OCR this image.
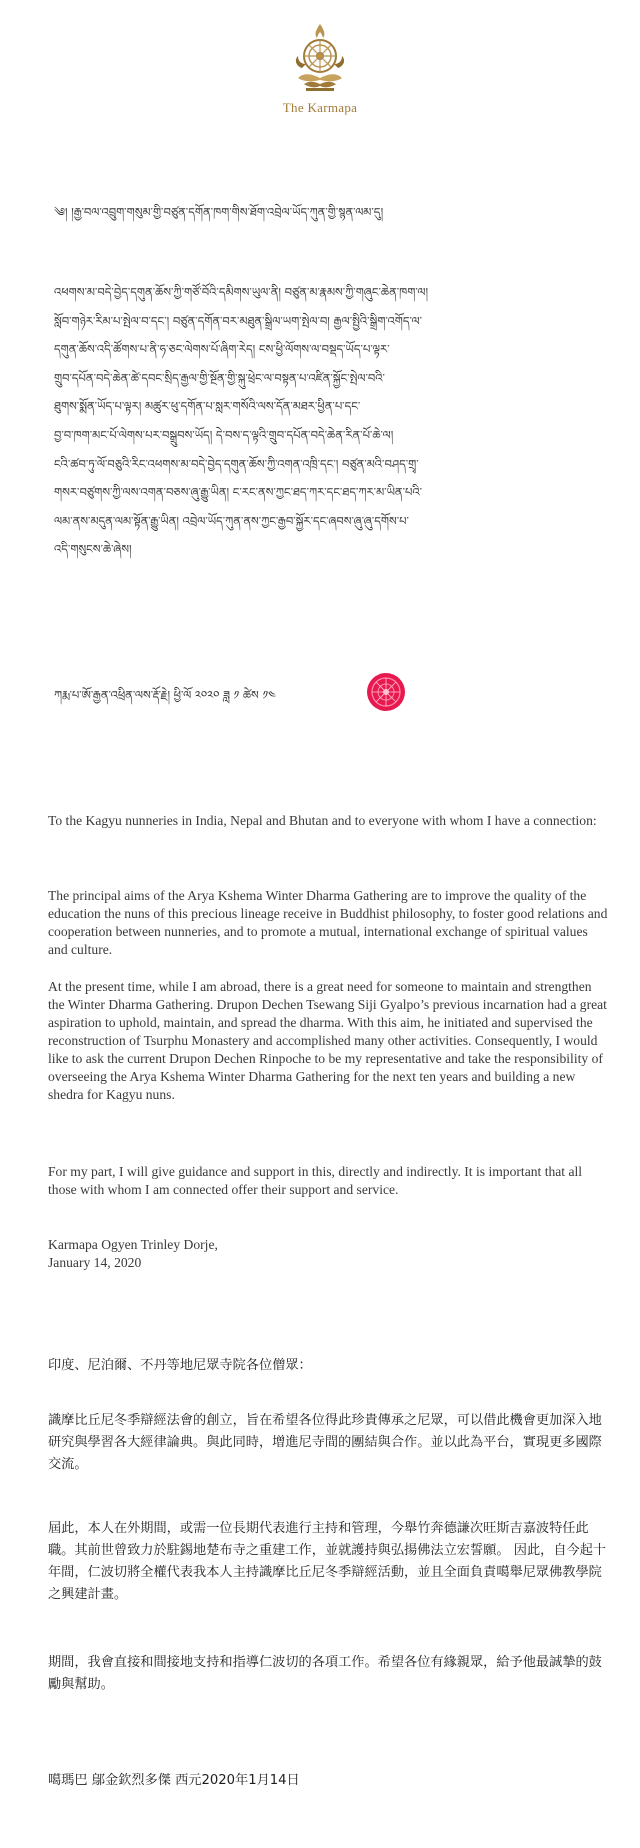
The Karmapa
༄། །རྒྱ་བལ་འབྲུག་གསུམ་གྱི་བཙུན་དགོན་ཁག་གིས་ཐོག་འབྲེལ་ཡོད་ཀུན་གྱི་སྙན་ལམ་དུ།
འཕགས་མ་བདེ་བྱེད་དགུན་ཆོས་ཀྱི་གཙོ་བོའི་དམིགས་ཡུལ་ནི། བཙུན་མ་རྣམས་ཀྱི་གཞུང་ཆེན་ཁག་ལ།
སློབ་གཉེར་རིམ་པ་སྤེལ་བ་དང་། བཙུན་དགོན་བར་མཐུན་སྒྲིལ་ཡག་སྤེལ་བ། རྒྱལ་སྤྱིའི་སྒྲིག་འགོད་ལ་
དགུན་ཆོས་འདི་ཚོགས་པ་ནི་ཧ་ཅང་ལེགས་པོ་ཞིག་རེད། ངས་ཕྱི་ལོགས་ལ་བསྡད་ཡོད་པ་ལྟར་
གྲུབ་དཔོན་བདེ་ཆེན་ཚེ་དབང་སྲིད་རྒྱལ་གྱི་སྔོན་གྱི་སྐུ་ཕྲེང་ལ་བསྟན་པ་འཛིན་སྐྱོང་སྤེལ་བའི་
ཐུགས་སྨོན་ཡོད་པ་ལྟར། མཚུར་ཕུ་དགོན་པ་སླར་གསོའི་ལས་དོན་མཐར་ཕྱིན་པ་དང་
བྱ་བ་ཁག་མང་པོ་ལེགས་པར་བསྒྲུབས་ཡོད། དེ་བས་ད་ལྟའི་གྲུབ་དཔོན་བདེ་ཆེན་རིན་པོ་ཆེ་ལ།
ངའི་ཚབ་ཏུ་ལོ་བཅུའི་རིང་འཕགས་མ་བདེ་བྱེད་དགུན་ཆོས་ཀྱི་འགན་འཁྲི་དང་། བཙུན་མའི་བཤད་གྲྭ་
གསར་བཙུགས་ཀྱི་ལས་འགན་བཅས་ཞུ་རྒྱུ་ཡིན། ང་རང་ནས་ཀྱང་ཐད་ཀར་དང་ཐད་ཀར་མ་ཡིན་པའི་
ལམ་ནས་མདུན་ལམ་སྟོན་རྒྱུ་ཡིན། འབྲེལ་ཡོད་ཀུན་ནས་ཀྱང་རྒྱབ་སྐྱོར་དང་ཞབས་ཞུ་ཞུ་དགོས་པ་
འདི་གསུངས་ཆེ་ཞེས།
ཀརྨ་པ་ཨོ་རྒྱན་འཕྲིན་ལས་རྡོ་རྗེ། ཕྱི་ལོ ༢༠༢༠ ཟླ ༡ ཚེས ༡༤

To the Kagyu nunneries in India, Nepal and Bhutan and to everyone with whom I have a connection:

The principal aims of the Arya Kshema Winter Dharma Gathering are to improve the quality of the education the nuns of this precious lineage receive in Buddhist philosophy, to foster good relations and cooperation between nunneries, and to promote a mutual, international exchange of spiritual values and culture.

At the present time, while I am abroad, there is a great need for someone to maintain and strengthen the Winter Dharma Gathering. Drupon Dechen Tsewang Siji Gyalpo’s previous incarnation had a great aspiration to uphold, maintain, and spread the dharma. With this aim, he initiated and supervised the reconstruction of Tsurphu Monastery and accomplished many other activities. Consequently, I would like to ask the current Drupon Dechen Rinpoche to be my representative and take the responsibility of overseeing the Arya Kshema Winter Dharma Gathering for the next ten years and building a new shedra for Kagyu nuns.

For my part, I will give guidance and support in this, directly and indirectly. It is important that all those with whom I am connected offer their support and service.

Karmapa Ogyen Trinley Dorje,

January 14, 2020

印度、尼泊爾、不丹等地尼眾寺院各位僧眾：

識摩比丘尼冬季辯經法會的創立，旨在希望各位得此珍貴傳承之尼眾，可以借此機會更加深入地研究與學習各大經律論典。與此同時，增進尼寺間的團結與合作。並以此為平台，實現更多國際交流。

屆此，本人在外期間，或需一位長期代表進行主持和管理，今舉竹奔德謙次旺斯吉嘉波特任此職。其前世曾致力於駐錫地楚布寺之重建工作，並就護持與弘揚佛法立宏誓願。 因此，自今起十年間，仁波切將全權代表我本人主持識摩比丘尼冬季辯經活動，並且全面負責噶舉尼眾佛教學院之興建計畫。

期間，我會直接和間接地支持和指導仁波切的各項工作。希望各位有緣親眾，給予他最誠摯的鼓勵與幫助。

噶瑪巴 鄔金欽烈多傑 西元2020年1月14日
